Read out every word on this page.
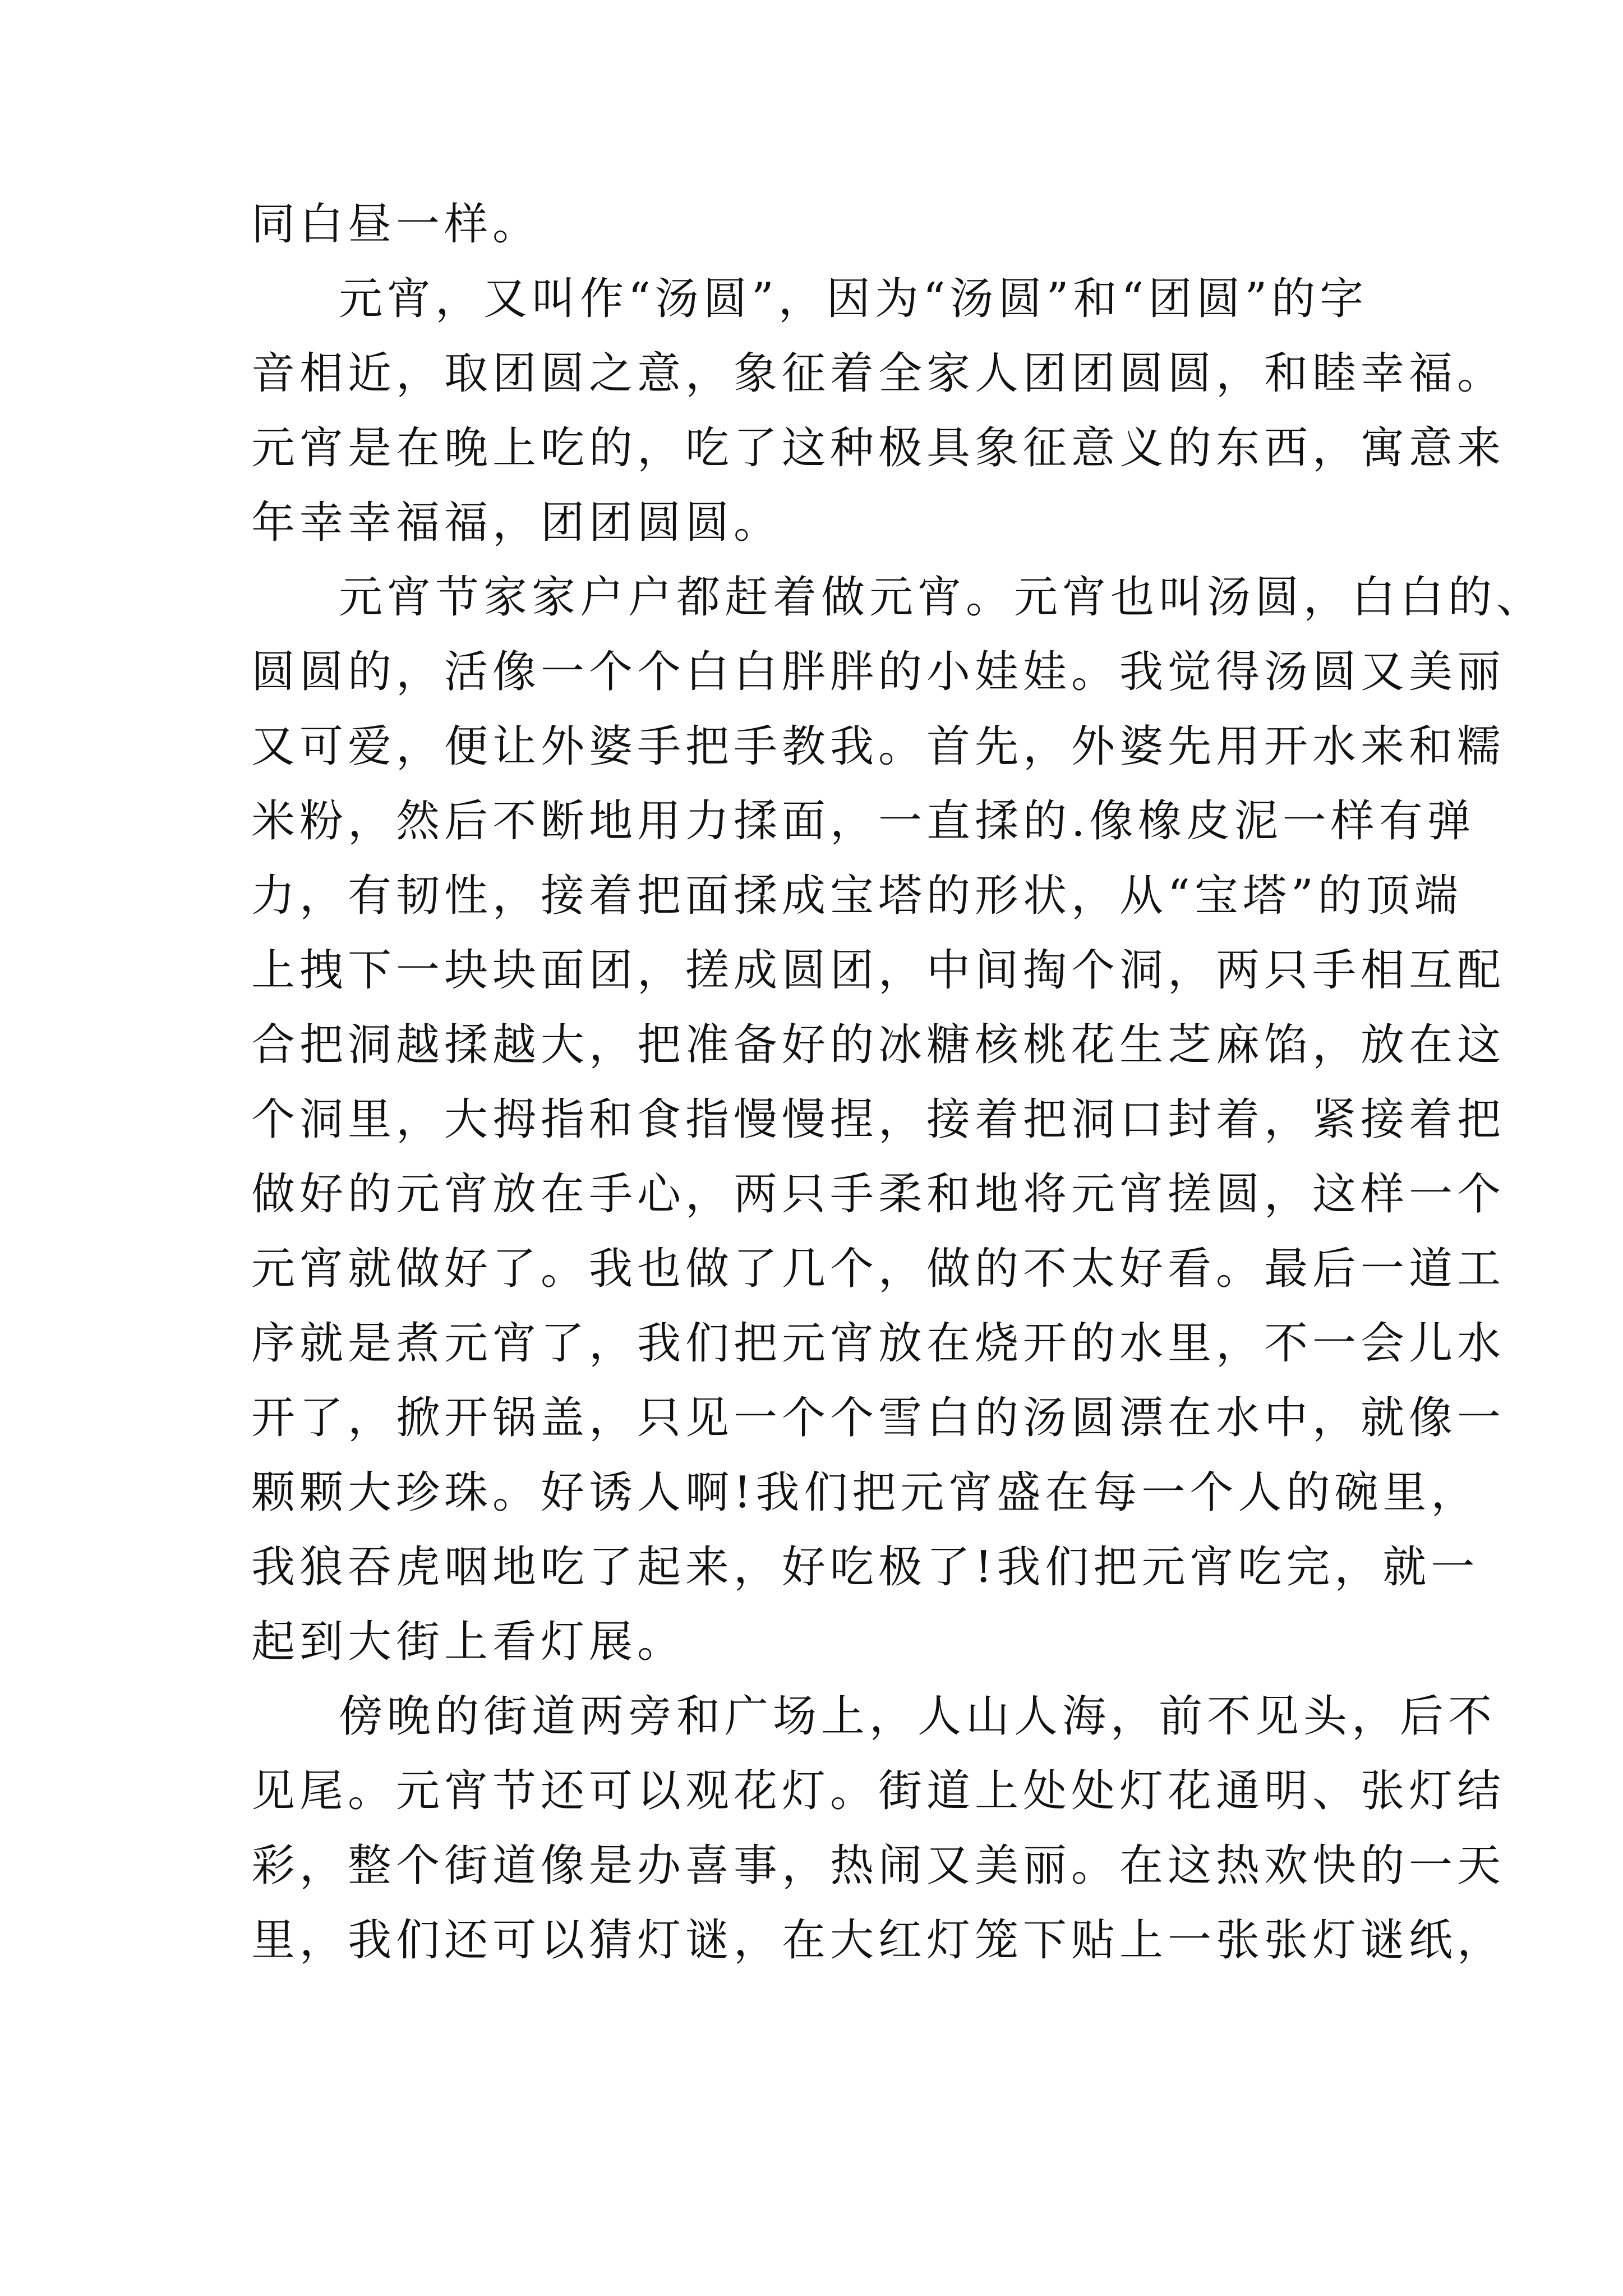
同白昼一样。
元宵，又叫作“汤圆”，因为“汤圆”和“团圆”的字
音相近，取团圆之意，象征着全家人团团圆圆，和睦幸福。
元宵是在晚上吃的，吃了这种极具象征意义的东西，寓意来
年幸幸福福，团团圆圆。
元宵节家家户户都赶着做元宵。元宵也叫汤圆，白白的、
圆圆的，活像一个个白白胖胖的小娃娃。我觉得汤圆又美丽
又可爱，便让外婆手把手教我。首先，外婆先用开水来和糯
米粉，然后不断地用力揉面，一直揉的.像橡皮泥一样有弹
力，有韧性，接着把面揉成宝塔的形状，从“宝塔”的顶端
上拽下一块块面团，搓成圆团，中间掏个洞，两只手相互配
合把洞越揉越大，把准备好的冰糖核桃花生芝麻馅，放在这
个洞里，大拇指和食指慢慢捏，接着把洞口封着，紧接着把
做好的元宵放在手心，两只手柔和地将元宵搓圆，这样一个
元宵就做好了。我也做了几个，做的不太好看。最后一道工
序就是煮元宵了，我们把元宵放在烧开的水里，不一会儿水
开了，掀开锅盖，只见一个个雪白的汤圆漂在水中，就像一
颗颗大珍珠。好诱人啊!我们把元宵盛在每一个人的碗里，
我狼吞虎咽地吃了起来，好吃极了!我们把元宵吃完，就一
起到大街上看灯展。
傍晚的街道两旁和广场上，人山人海，前不见头，后不
见尾。元宵节还可以观花灯。街道上处处灯花通明、张灯结
彩，整个街道像是办喜事，热闹又美丽。在这热欢快的一天
里，我们还可以猜灯谜，在大红灯笼下贴上一张张灯谜纸，
